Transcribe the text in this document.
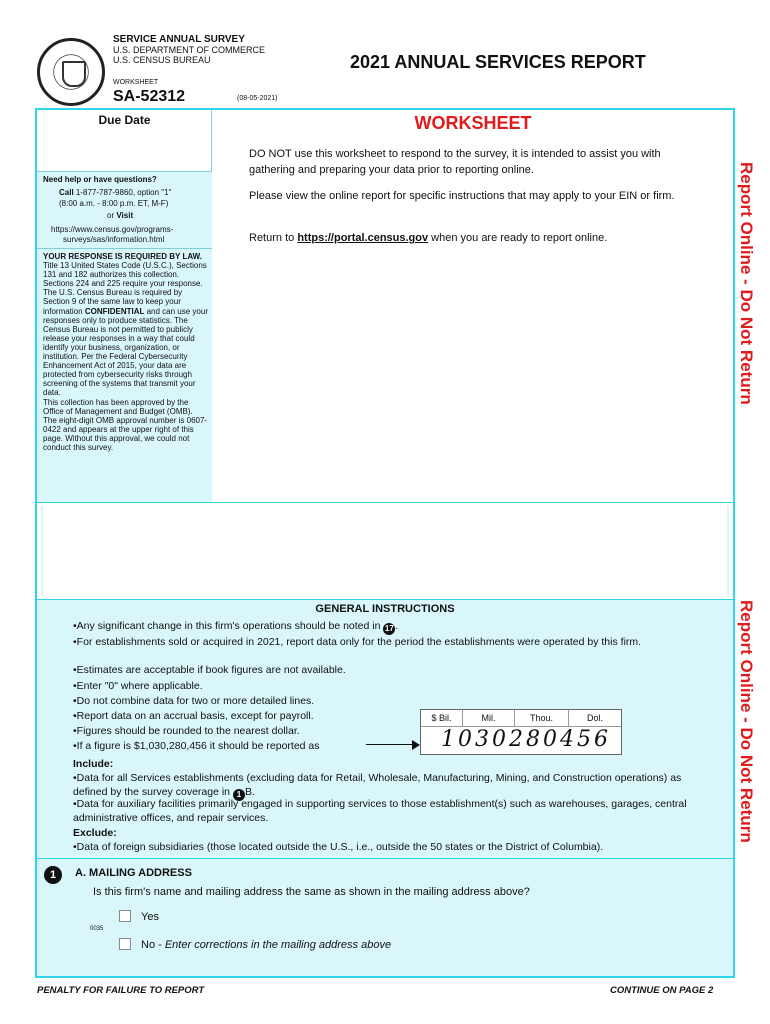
SERVICE ANNUAL SURVEY
U.S. DEPARTMENT OF COMMERCE
U.S. CENSUS BUREAU
WORKSHEET
SA-52312	(08-05-2021)
2021 ANNUAL SERVICES REPORT
Due Date
Need help or have questions?
Call 1-877-787-9860, option "1"
(8:00 a.m. - 8:00 p.m. ET, M-F)
or Visit
https://www.census.gov/programs-
surveys/sas/information.html
YOUR RESPONSE IS REQUIRED BY LAW. Title 13 United States Code (U.S.C.), Sections 131 and 182 authorizes this collection. Sections 224 and 225 require your response. The U.S. Census Bureau is required by Section 9 of the same law to keep your information CONFIDENTIAL and can use your responses only to produce statistics. The Census Bureau is not permitted to publicly release your responses in a way that could identify your business, organization, or institution. Per the Federal Cybersecurity Enhancement Act of 2015, your data are protected from cybersecurity risks through screening of the systems that transmit your data.
This collection has been approved by the Office of Management and Budget (OMB). The eight-digit OMB approval number is 0607-0422 and appears at the upper right of this page. Without this approval, we could not conduct this survey.
WORKSHEET
DO NOT use this worksheet to respond to the survey, it is intended to assist you with gathering and preparing your data prior to reporting online.
Please view the online report for specific instructions that may apply to your EIN or firm.
Return to https://portal.census.gov when you are ready to report online.	Report Online - Do Not Return
Report Online - Do Not Return
GENERAL INSTRUCTIONS
•Any significant change in this firm's operations should be noted in 17 .
•For establishments sold or acquired in 2021, report data only for the period the establishments were operated by this firm.
•Estimates are acceptable if book figures are not available.
•Enter "0" where applicable.
•Do not combine data for two or more detailed lines.
•Report data on an accrual basis, except for payroll.
•Figures should be rounded to the nearest dollar.
•If a figure is $1,030,280,456 it should be reported as
$ Bil.	Mil.	Thou.	Dol.
1030280456
Include:
•Data for all Services establishments (excluding data for Retail, Wholesale, Manufacturing, Mining, and Construction operations) as defined by the survey coverage in 1 B.
•Data for auxiliary facilities primarily engaged in supporting services to those establishment(s) such as warehouses, garages, central administrative offices, and repair services.
Exclude:
•Data of foreign subsidiaries (those located outside the U.S., i.e., outside the 50 states or the District of Columbia).
1	A. MAILING ADDRESS
Is this firm's name and mailing address the same as shown in the mailing address above?
0035
Yes
No - Enter corrections in the mailing address above
PENALTY FOR FAILURE TO REPORT	CONTINUE ON PAGE 2
